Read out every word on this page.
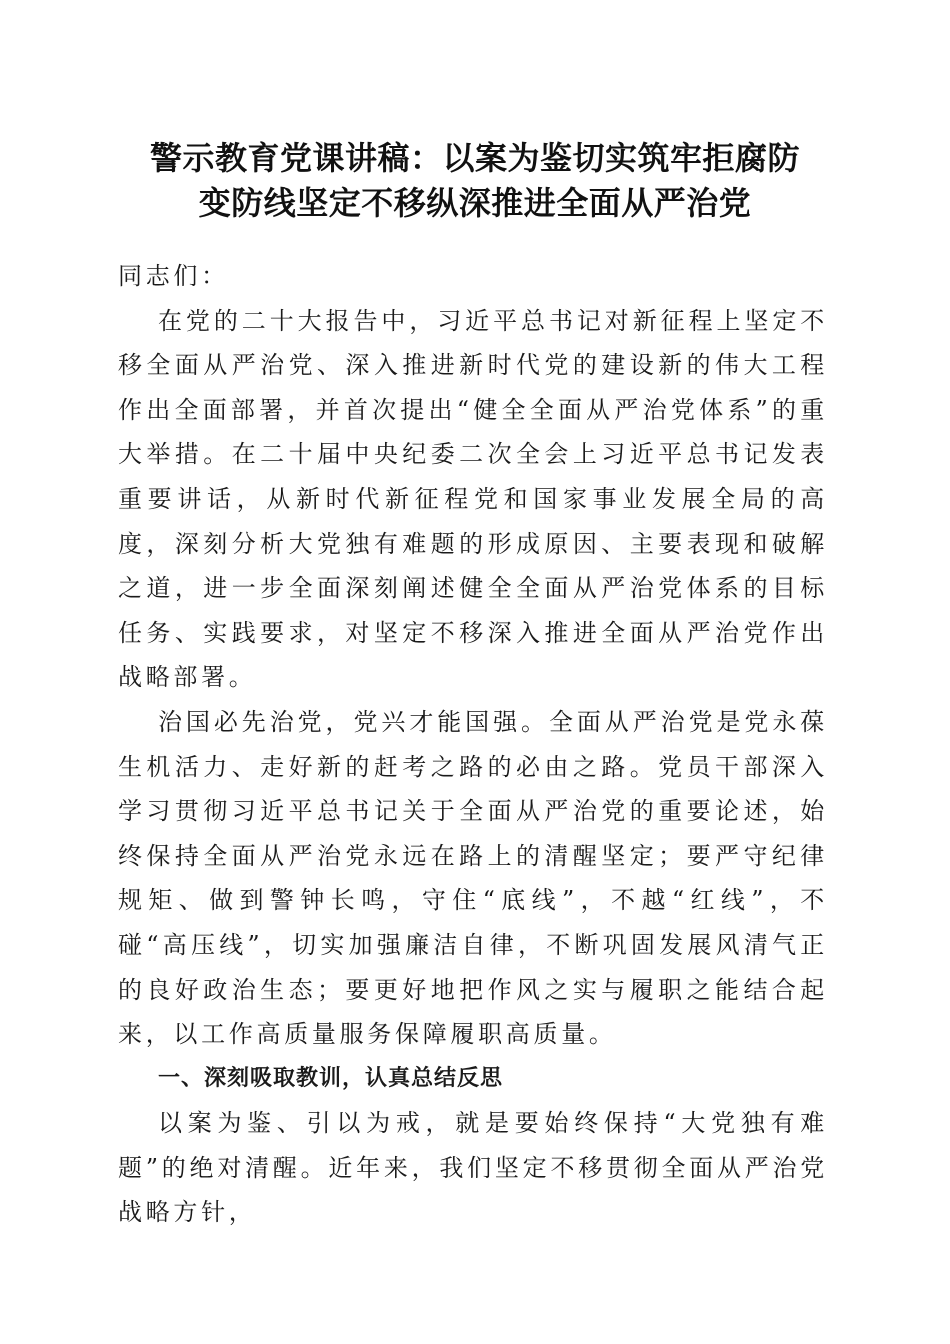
警示教育党课讲稿：以案为鉴切实筑牢拒腐防
变防线坚定不移纵深推进全面从严治党

同志们：

在党的二十大报告中，习近平总书记对新征程上坚定不移全面从严治党、深入推进新时代党的建设新的伟大工程作出全面部署，并首次提出“健全全面从严治党体系”的重大举措。在二十届中央纪委二次全会上习近平总书记发表重要讲话，从新时代新征程党和国家事业发展全局的高度，深刻分析大党独有难题的形成原因、主要表现和破解之道，进一步全面深刻阐述健全全面从严治党体系的目标任务、实践要求，对坚定不移深入推进全面从严治党作出战略部署。

治国必先治党，党兴才能国强。全面从严治党是党永葆生机活力、走好新的赶考之路的必由之路。党员干部深入学习贯彻习近平总书记关于全面从严治党的重要论述，始终保持全面从严治党永远在路上的清醒坚定；要严守纪律规矩、做到警钟长鸣，守住“底线”，不越“红线”，不碰“高压线”，切实加强廉洁自律，不断巩固发展风清气正的良好政治生态；要更好地把作风之实与履职之能结合起来，以工作高质量服务保障履职高质量。

一、深刻吸取教训，认真总结反思

以案为鉴、引以为戒，就是要始终保持“大党独有难题”的绝对清醒。近年来，我们坚定不移贯彻全面从严治党战略方针，
